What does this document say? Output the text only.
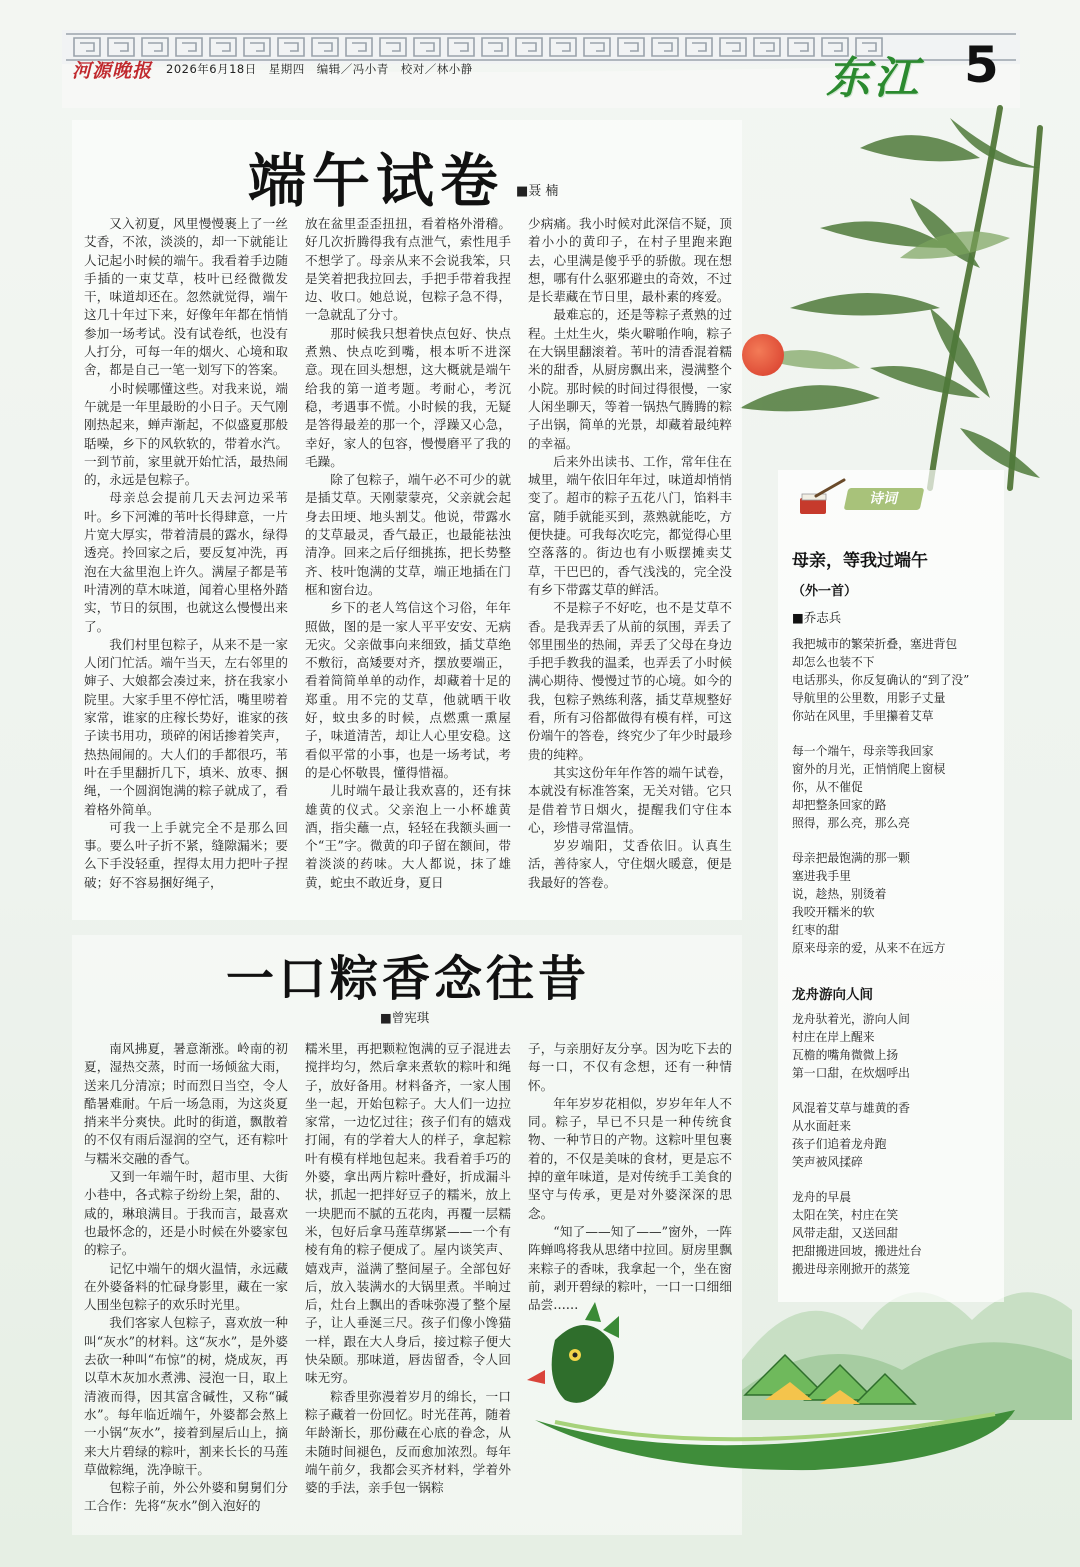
河源晚报 2026年6月18日　星期四　编辑／冯小青　校对／林小静	东江 5
端午试卷 ■聂 楠

又入初夏，风里慢慢裹上了一丝艾香，不浓，淡淡的，却一下就能让人记起小时候的端午。我看着手边随手插的一束艾草，枝叶已经微微发干，味道却还在。忽然就觉得，端午这几十年过下来，好像年年都在悄悄参加一场考试。没有试卷纸，也没有人打分，可每一年的烟火、心境和取舍，都是自己一笔一划写下的答案。

小时候哪懂这些。对我来说，端午就是一年里最盼的小日子。天气刚刚热起来，蝉声渐起，不似盛夏那般聒噪，乡下的风软软的，带着水汽。一到节前，家里就开始忙活，最热闹的，永远是包粽子。

母亲总会提前几天去河边采苇叶。乡下河滩的苇叶长得肆意，一片片宽大厚实，带着清晨的露水，绿得透亮。拎回家之后，要反复冲洗，再泡在大盆里泡上许久。满屋子都是苇叶清冽的草木味道，闻着心里格外踏实，节日的氛围，也就这么慢慢出来了。

我们村里包粽子，从来不是一家人闭门忙活。端午当天，左右邻里的婶子、大娘都会凑过来，挤在我家小院里。大家手里不停忙活，嘴里唠着家常，谁家的庄稼长势好，谁家的孩子读书用功，琐碎的闲话掺着笑声，热热闹闹的。大人们的手都很巧，苇叶在手里翻折几下，填米、放枣、捆绳，一个圆润饱满的粽子就成了，看着格外简单。

可我一上手就完全不是那么回事。要么叶子折不紧，缝隙漏米；要么下手没轻重，捏得太用力把叶子捏破；好不容易捆好绳子，

放在盆里歪歪扭扭，看着格外滑稽。好几次折腾得我有点泄气，索性甩手不想学了。母亲从来不会说我笨，只是笑着把我拉回去，手把手带着我捏边、收口。她总说，包粽子急不得，一急就乱了分寸。

那时候我只想着快点包好、快点煮熟、快点吃到嘴，根本听不进深意。现在回头想想，这大概就是端午给我的第一道考题。考耐心，考沉稳，考遇事不慌。小时候的我，无疑是答得最差的那一个，浮躁又心急，幸好，家人的包容，慢慢磨平了我的毛躁。

除了包粽子，端午必不可少的就是插艾草。天刚蒙蒙亮，父亲就会起身去田埂、地头割艾。他说，带露水的艾草最灵，香气最正，也最能祛浊清净。回来之后仔细挑拣，把长势整齐、枝叶饱满的艾草，端正地插在门框和窗台边。

乡下的老人笃信这个习俗，年年照做，图的是一家人平平安安、无病无灾。父亲做事向来细致，插艾草绝不敷衍，高矮要对齐，摆放要端正，看着简简单单的动作，却藏着十足的郑重。用不完的艾草，他就晒干收好，蚊虫多的时候，点燃熏一熏屋子，味道清苦，却让人心里安稳。这看似平常的小事，也是一场考试，考的是心怀敬畏，懂得惜福。

儿时端午最让我欢喜的，还有抹雄黄的仪式。父亲泡上一小杯雄黄酒，指尖蘸一点，轻轻在我额头画一个“王”字。微黄的印子留在额间，带着淡淡的药味。大人都说，抹了雄黄，蛇虫不敢近身，夏日

少病痛。我小时候对此深信不疑，顶着小小的黄印子，在村子里跑来跑去，心里满是傻乎乎的骄傲。现在想想，哪有什么驱邪避虫的奇效，不过是长辈藏在节日里，最朴素的疼爱。

最难忘的，还是等粽子煮熟的过程。土灶生火，柴火噼啪作响，粽子在大锅里翻滚着。苇叶的清香混着糯米的甜香，从厨房飘出来，漫满整个小院。那时候的时间过得很慢，一家人闲坐聊天，等着一锅热气腾腾的粽子出锅，简单的光景，却藏着最纯粹的幸福。

后来外出读书、工作，常年住在城里，端午依旧年年过，味道却悄悄变了。超市的粽子五花八门，馅料丰富，随手就能买到，蒸熟就能吃，方便快捷。可我每次吃完，都觉得心里空落落的。街边也有小贩摆摊卖艾草，干巴巴的，香气浅浅的，完全没有乡下带露艾草的鲜活。

不是粽子不好吃，也不是艾草不香。是我弄丢了从前的氛围，弄丢了邻里围坐的热闹，弄丢了父母在身边手把手教我的温柔，也弄丢了小时候满心期待、慢慢过节的心境。如今的我，包粽子熟练利落，插艾草规整好看，所有习俗都做得有模有样，可这份端午的答卷，终究少了年少时最珍贵的纯粹。

其实这份年年作答的端午试卷，本就没有标准答案，无关对错。它只是借着节日烟火，提醒我们守住本心，珍惜寻常温情。

岁岁端阳，艾香依旧。认真生活，善待家人，守住烟火暖意，便是我最好的答卷。

一口粽香念往昔
■曾宪琪

南风拂夏，暑意渐涨。岭南的初夏，湿热交蒸，时而一场倾盆大雨，送来几分清凉；时而烈日当空，令人酷暑难耐。午后一场急雨，为这炎夏捎来半分爽快。此时的街道，飘散着的不仅有雨后湿润的空气，还有粽叶与糯米交融的香气。

又到一年端午时，超市里、大街小巷中，各式粽子纷纷上架，甜的、咸的，琳琅满目。于我而言，最喜欢也最怀念的，还是小时候在外婆家包的粽子。

记忆中端午的烟火温情，永远藏在外婆备料的忙碌身影里，藏在一家人围坐包粽子的欢乐时光里。

我们客家人包粽子，喜欢放一种叫“灰水”的材料。这“灰水”，是外婆去砍一种叫“布惊”的树，烧成灰，再以草木灰加水煮沸、浸泡一日，取上清液而得，因其富含碱性，又称“碱水”。每年临近端午，外婆都会熬上一小锅“灰水”，接着到屋后山上，摘来大片碧绿的粽叶，割来长长的马莲草做粽绳，洗净晾干。

包粽子前，外公外婆和舅舅们分工合作：先将“灰水”倒入泡好的

糯米里，再把颗粒饱满的豆子混进去搅拌均匀，然后拿来煮软的粽叶和绳子，放好备用。材料备齐，一家人围坐一起，开始包粽子。大人们一边拉家常，一边忆过往；孩子们有的嬉戏打闹，有的学着大人的样子，拿起粽叶有模有样地包起来。我看着手巧的外婆，拿出两片粽叶叠好，折成漏斗状，抓起一把拌好豆子的糯米，放上一块肥而不腻的五花肉，再覆一层糯米，包好后拿马莲草绑紧——一个有棱有角的粽子便成了。屋内谈笑声、嬉戏声，溢满了整间屋子。全部包好后，放入装满水的大锅里煮。半晌过后，灶台上飘出的香味弥漫了整个屋子，让人垂涎三尺。孩子们像小馋猫一样，跟在大人身后，接过粽子便大快朵颐。那味道，唇齿留香，令人回味无穷。

粽香里弥漫着岁月的绵长，一口粽子藏着一份回忆。时光荏苒，随着年龄渐长，那份藏在心底的眷念，从未随时间褪色，反而愈加浓烈。每年端午前夕，我都会买齐材料，学着外婆的手法，亲手包一锅粽

子，与亲朋好友分享。因为吃下去的每一口，不仅有念想，还有一种情怀。

年年岁岁花相似，岁岁年年人不同。粽子，早已不只是一种传统食物、一种节日的产物。这粽叶里包裹着的，不仅是美味的食材，更是忘不掉的童年味道，是对传统手工美食的坚守与传承，更是对外婆深深的思念。

“知了——知了——”窗外，一阵阵蝉鸣将我从思绪中拉回。厨房里飘来粽子的香味，我拿起一个，坐在窗前，剥开碧绿的粽叶，一口一口细细品尝……

诗词
母亲，等我过端午
（外一首）
■乔志兵
我把城市的繁荣折叠，塞进背包
却怎么也装不下
电话那头，你反复确认的“到了没”
导航里的公里数，用影子丈量
你站在风里，手里攥着艾草
每一个端午，母亲等我回家
窗外的月光，正悄悄爬上窗棂
你，从不催促
却把整条回家的路
照得，那么亮，那么亮
母亲把最饱满的那一颗
塞进我手里
说，趁热，别烫着
我咬开糯米的软
红枣的甜
原来母亲的爱，从来不在远方
龙舟游向人间
龙舟驮着光，游向人间
村庄在岸上醒来
瓦檐的嘴角微微上扬
第一口甜，在炊烟呼出
风混着艾草与雄黄的香
从水面赶来
孩子们追着龙舟跑
笑声被风揉碎
龙舟的早晨
太阳在笑，村庄在笑
风带走甜，又送回甜
把甜搬进回坡，搬进灶台
搬进母亲刚掀开的蒸笼
